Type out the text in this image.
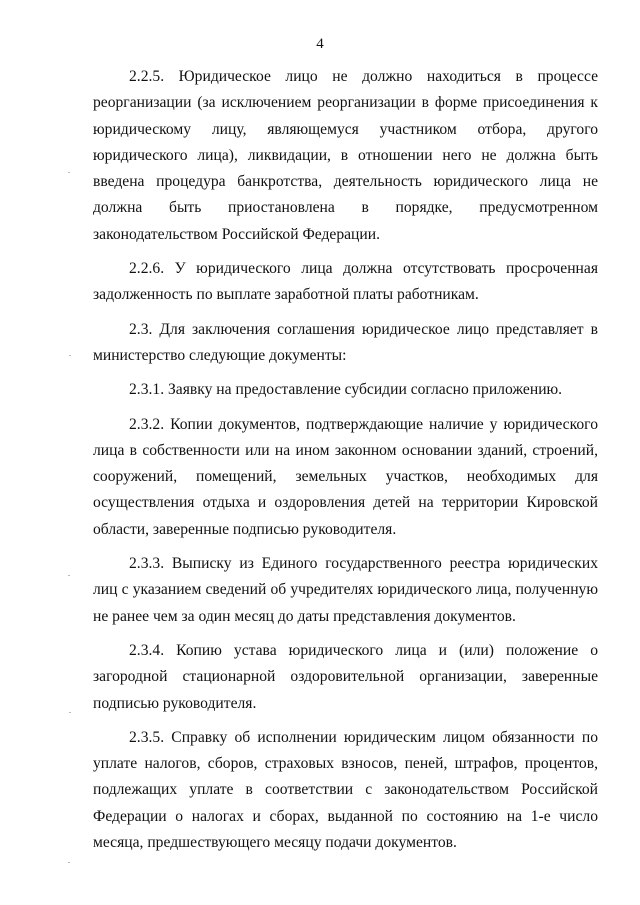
4

2.2.5. Юридическое лицо не должно находиться в процессе реорганизации (за исключением реорганизации в форме присоединения к юридическому лицу, являющемуся участником отбора, другого юридического лица), ликвидации, в отношении него не должна быть введена процедура банкротства, деятельность юридического лица не должна быть приостановлена в порядке, предусмотренном законодательством Российской Федерации.

2.2.6. У юридического лица должна отсутствовать просроченная задолженность по выплате заработной платы работникам.

2.3. Для заключения соглашения юридическое лицо представляет в министерство следующие документы:

2.3.1. Заявку на предоставление субсидии согласно приложению.

2.3.2. Копии документов, подтверждающие наличие у юридического лица в собственности или на ином законном основании зданий, строений, сооружений, помещений, земельных участков, необходимых для осуществления отдыха и оздоровления детей на территории Кировской области, заверенные подписью руководителя.

2.3.3. Выписку из Единого государственного реестра юридических лиц с указанием сведений об учредителях юридического лица, полученную не ранее чем за один месяц до даты представления документов.

2.3.4. Копию устава юридического лица и (или) положение о загородной стационарной оздоровительной организации, заверенные подписью руководителя.

2.3.5. Справку об исполнении юридическим лицом обязанности по уплате налогов, сборов, страховых взносов, пеней, штрафов, процентов, подлежащих уплате в соответствии с законодательством Российской Федерации о налогах и сборах, выданной по состоянию на 1-е число месяца, предшествующего месяцу подачи документов.
